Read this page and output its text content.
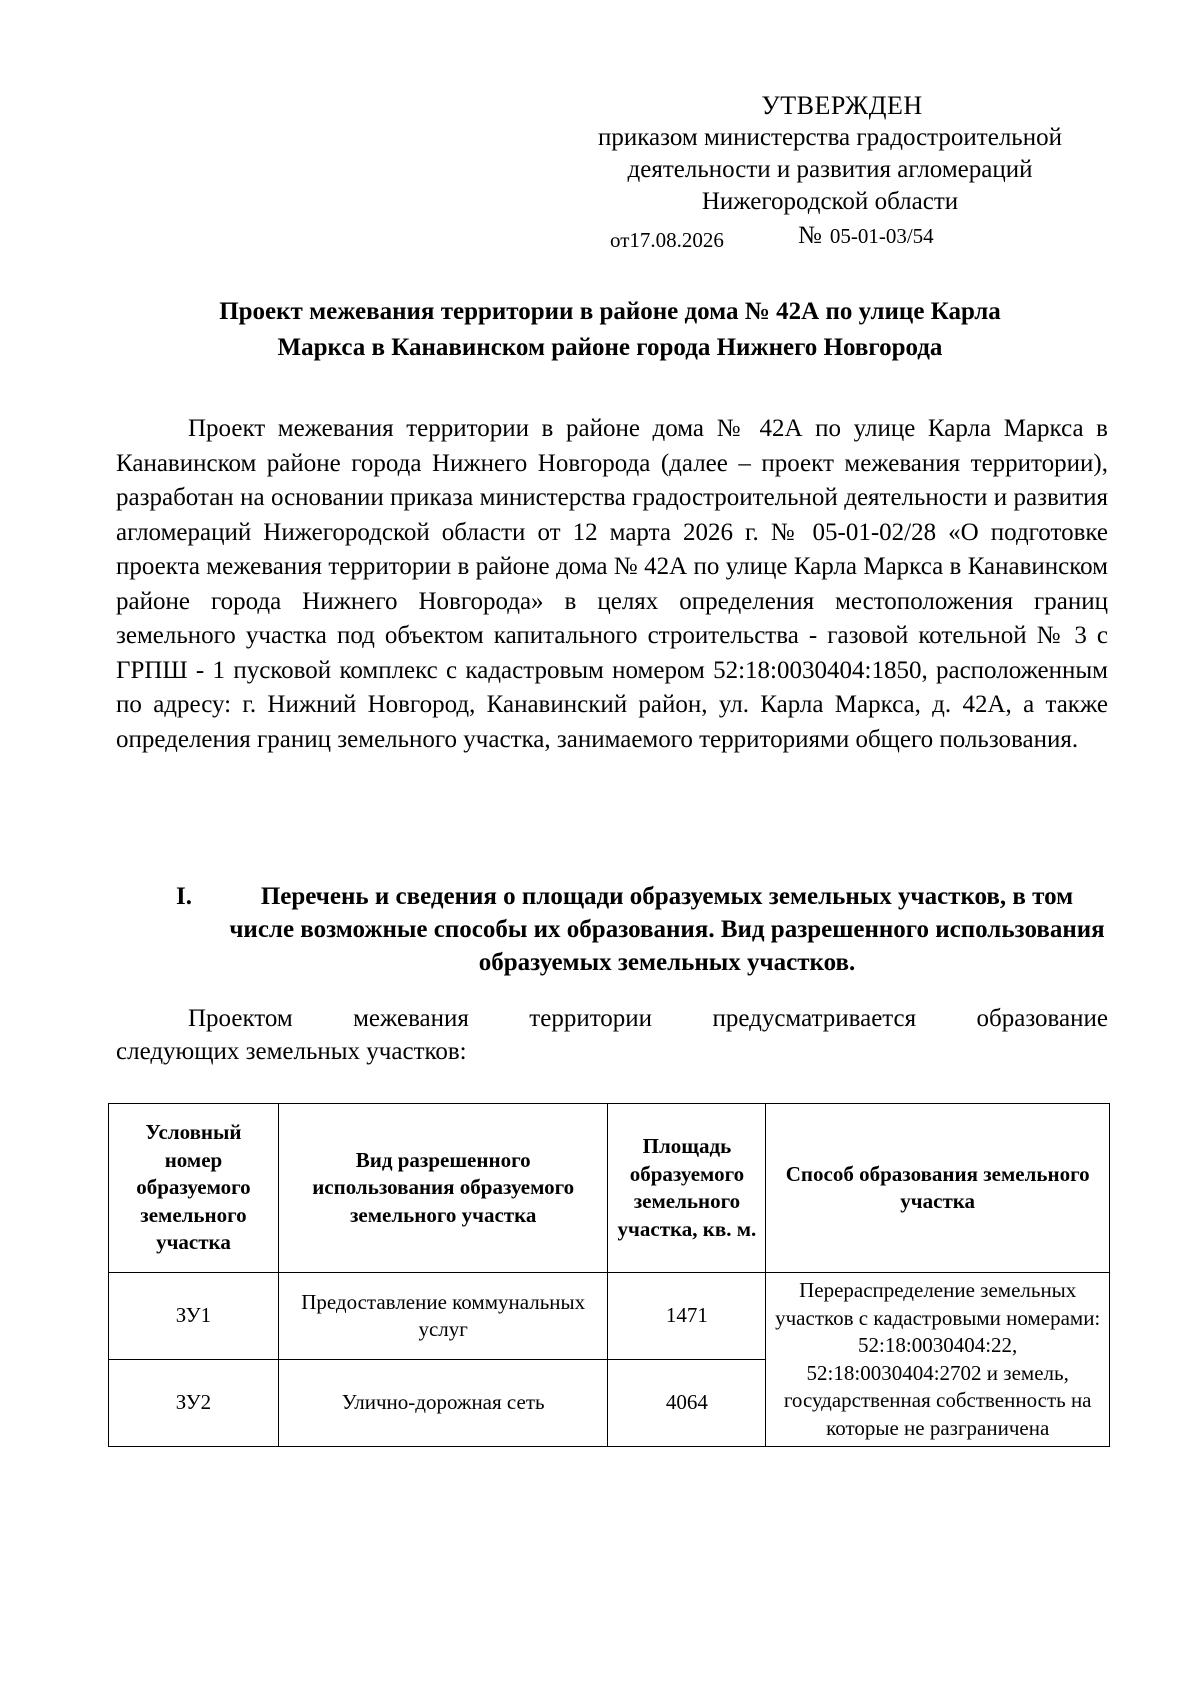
УТВЕРЖДЕН
приказом министерства градостроительной
деятельности и развития агломераций
Нижегородской области
от17.08.2026	№ 05-01-03/54
Проект межевания территории в районе дома № 42А по улице Карла
Маркса в Канавинском районе города Нижнего Новгорода

Проект межевания территории в районе дома № 42А по улице Карла Маркса в Канавинском районе города Нижнего Новгорода (далее – проект межевания территории), разработан на основании приказа министерства градостроительной деятельности и развития агломераций Нижегородской области от 12 марта 2026 г. № 05-01-02/28 «О подготовке проекта межевания территории в районе дома № 42А по улице Карла Маркса в Канавинском районе города Нижнего Новгорода» в целях определения местоположения границ земельного участка под объектом капитального строительства - газовой котельной № 3 с ГРПШ - 1 пусковой комплекс с кадастровым номером 52:18:0030404:1850, расположенным по адресу: г. Нижний Новгород, Канавинский район, ул. Карла Маркса, д. 42А, а также определения границ земельного участка, занимаемого территориями общего пользования.

I.	Перечень и сведения о площади образуемых земельных участков, в том числе возможные способы их образования. Вид разрешенного использования образуемых земельных участков.
Проектом межевания территории предусматривается образование
следующих земельных участков:
Условный номер образуемого земельного участка	Вид разрешенного использования образуемого земельного участка	Площадь образуемого земельного участка, кв. м.	Способ образования земельного участка
ЗУ1	Предоставление коммунальных услуг	1471	Перераспределение земельных участков с кадастровыми номерами: 52:18:0030404:22, 52:18:0030404:2702 и земель, государственная собственность на которые не разграничена
ЗУ2	Улично-дорожная сеть	4064	
